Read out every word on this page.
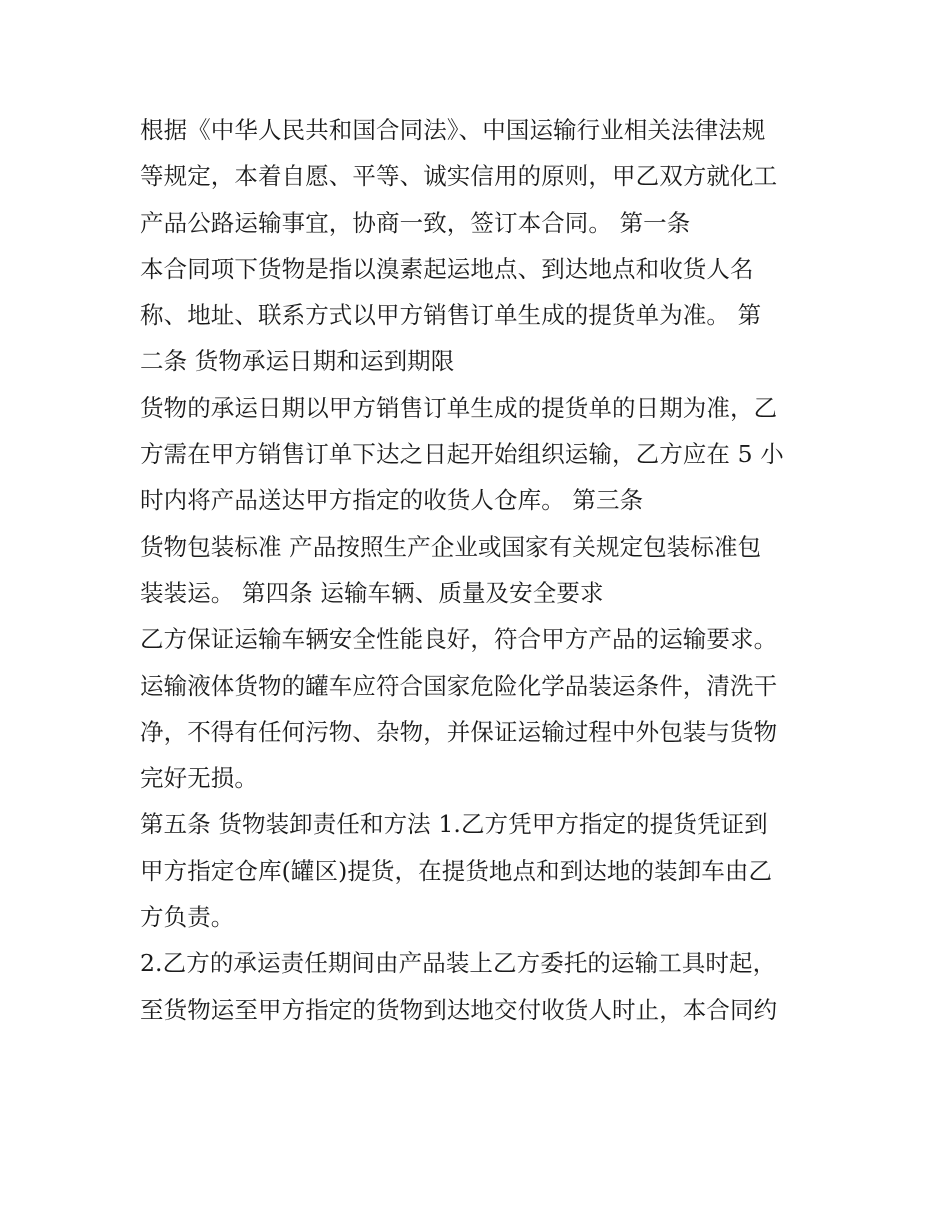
根据《中华人民共和国合同法》、中国运输行业相关法律法规
等规定，本着自愿、平等、诚实信用的原则，甲乙双方就化工
产品公路运输事宜，协商一致，签订本合同。 第一条
本合同项下货物是指以溴素起运地点、到达地点和收货人名
称、地址、联系方式以甲方销售订单生成的提货单为准。 第
二条 货物承运日期和运到期限
货物的承运日期以甲方销售订单生成的提货单的日期为准，乙
方需在甲方销售订单下达之日起开始组织运输，乙方应在 5 小
时内将产品送达甲方指定的收货人仓库。 第三条
货物包装标准 产品按照生产企业或国家有关规定包装标准包
装装运。 第四条 运输车辆、质量及安全要求
乙方保证运输车辆安全性能良好，符合甲方产品的运输要求。
运输液体货物的罐车应符合国家危险化学品装运条件，清洗干
净，不得有任何污物、杂物，并保证运输过程中外包装与货物
完好无损。
第五条 货物装卸责任和方法 1.乙方凭甲方指定的提货凭证到
甲方指定仓库(罐区)提货，在提货地点和到达地的装卸车由乙
方负责。
2.乙方的承运责任期间由产品装上乙方委托的运输工具时起，
至货物运至甲方指定的货物到达地交付收货人时止，本合同约
